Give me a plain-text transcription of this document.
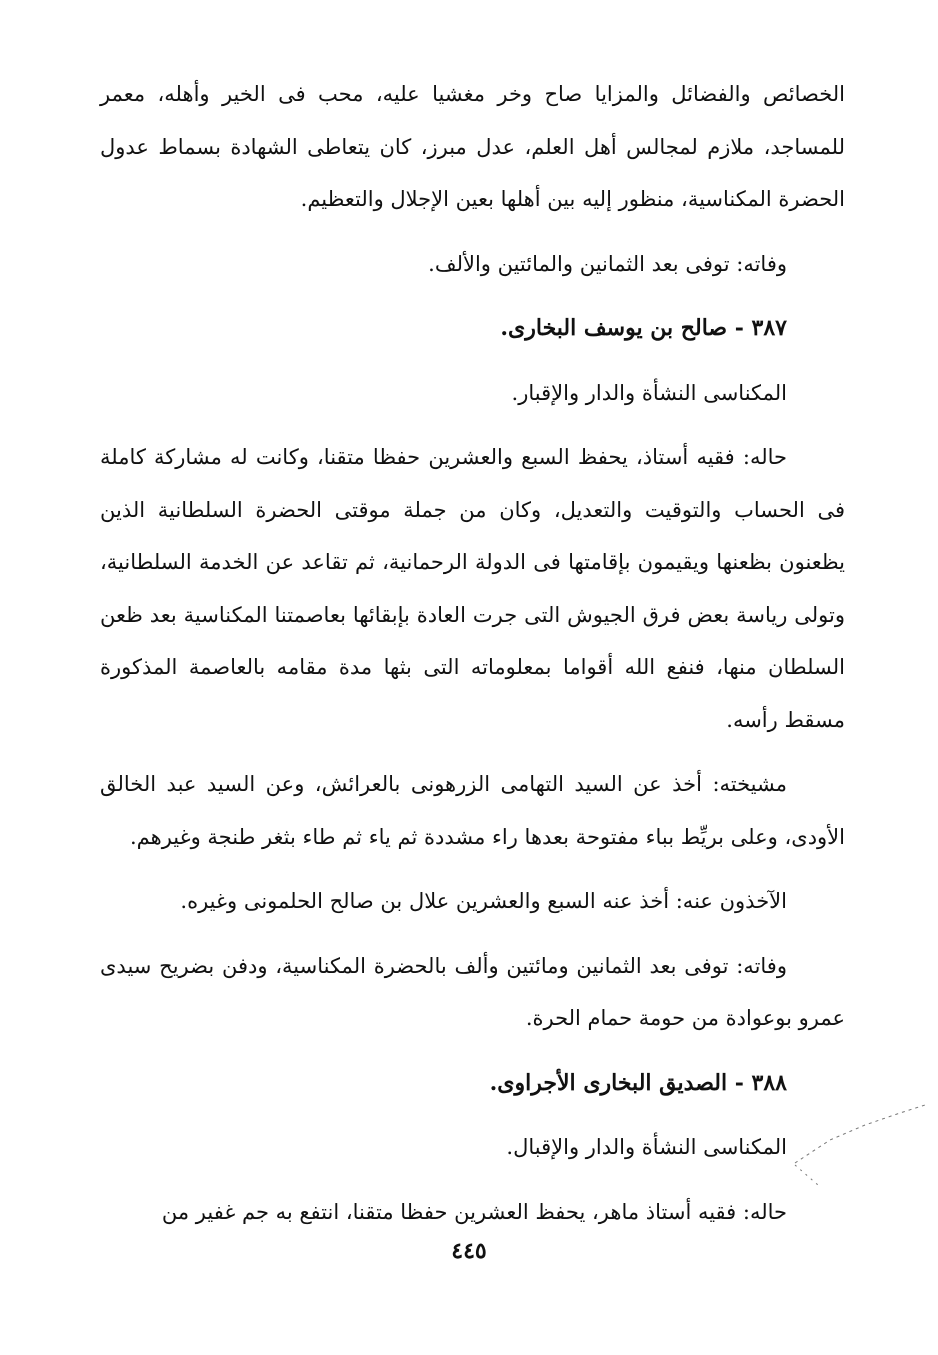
الخصائص والفضائل والمزايا صاح وخر مغشيا عليه، محب فى الخير وأهله، معمر للمساجد، ملازم لمجالس أهل العلم، عدل مبرز، كان يتعاطى الشهادة بسماط عدول الحضرة المكناسية، منظور إليه بين أهلها بعين الإجلال والتعظيم.

وفاته: توفى بعد الثمانين والمائتين والألف.

٣٨٧ - صالح بن يوسف البخارى.

المكناسى النشأة والدار والإقبار.

حاله: فقيه أستاذ، يحفظ السبع والعشرين حفظا متقنا، وكانت له مشاركة كاملة فى الحساب والتوقيت والتعديل، وكان من جملة موقتى الحضرة السلطانية الذين يظعنون بظعنها ويقيمون بإقامتها فى الدولة الرحمانية، ثم تقاعد عن الخدمة السلطانية، وتولى رياسة بعض فرق الجيوش التى جرت العادة بإبقائها بعاصمتنا المكناسية بعد ظعن السلطان منها، فنفع الله أقواما بمعلوماته التى بثها مدة مقامه بالعاصمة المذكورة مسقط رأسه.

مشيخته: أخذ عن السيد التهامى الزرهونى بالعرائش، وعن السيد عبد الخالق الأودى، وعلى بريِّط بباء مفتوحة بعدها راء مشددة ثم ياء ثم طاء بثغر طنجة وغيرهم.

الآخذون عنه: أخذ عنه السبع والعشرين علال بن صالح الحلمونى وغيره.

وفاته: توفى بعد الثمانين ومائتين وألف بالحضرة المكناسية، ودفن بضريح سيدى عمرو بوعوادة من حومة حمام الحرة.

٣٨٨ - الصديق البخارى الأجراوى.

المكناسى النشأة والدار والإقبال.

حاله: فقيه أستاذ ماهر، يحفظ العشرين حفظا متقنا، انتفع به جم غفير من

٤٤٥
